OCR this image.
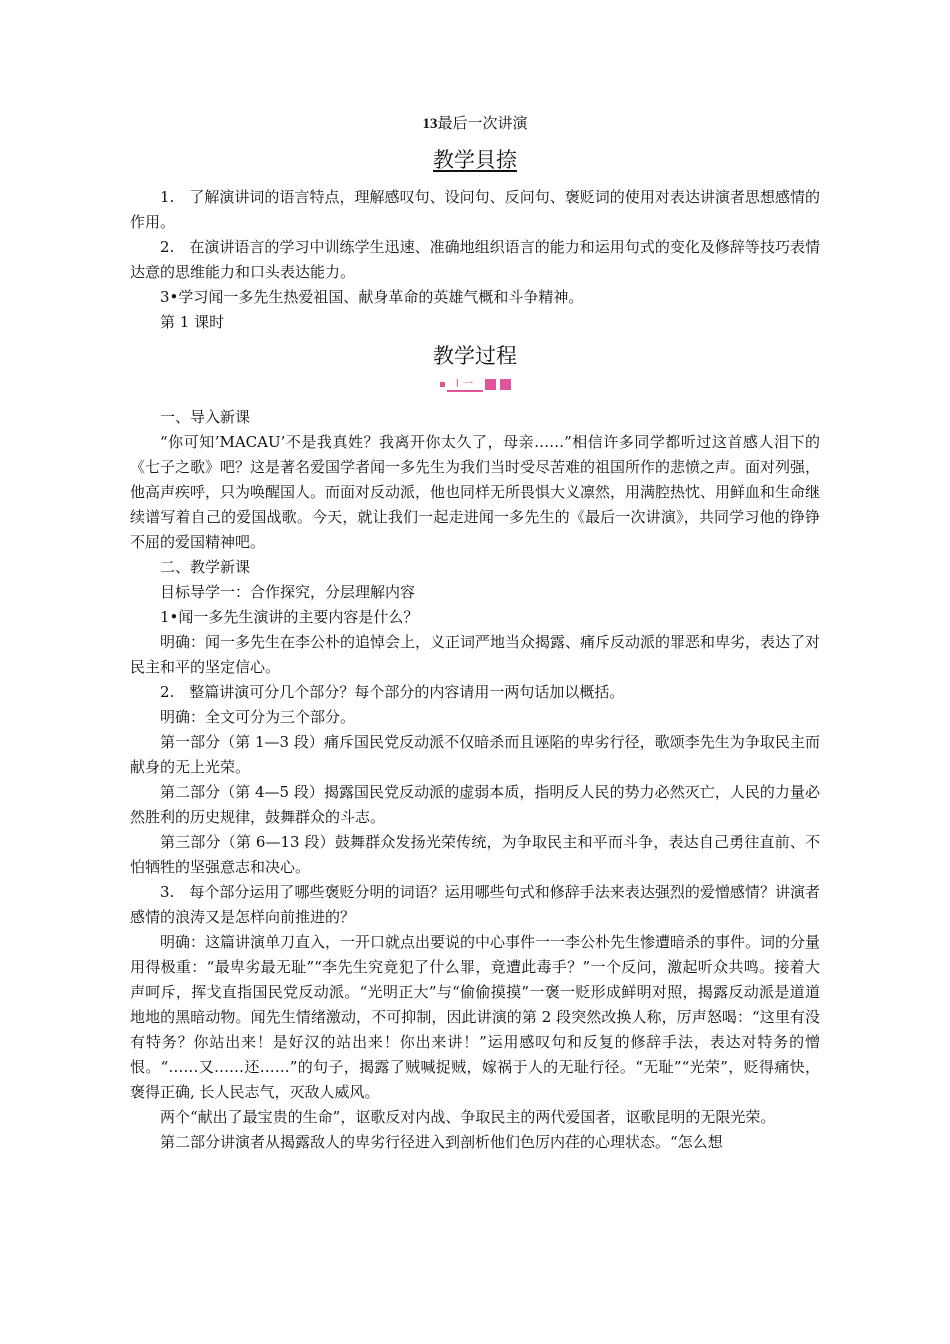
13最后一次讲演

教学貝捺

1.　了解演讲词的语言特点，理解感叹句、设问句、反问句、褒贬词的使用对表达讲演者思想感情的作用。

2.　在演讲语言的学习中训练学生迅速、准确地组织语言的能力和运用句式的变化及修辞等技巧表情达意的思维能力和口头表达能力。

3•学习闻一多先生热爱祖国、献身革命的英雄气概和斗争精神。

第 1 课时

教学过程
l 一

一、导入新课

“你可知’MACAU’不是我真姓？我离开你太久了，母亲……”相信许多同学都听过这首感人泪下的《七子之歌》吧？这是著名爱国学者闻一多先生为我们当时受尽苦难的祖国所作的悲愤之声。面对列强，他高声疾呼，只为唤醒国人。而面对反动派，他也同样无所畏惧大义凛然，用满腔热忱、用鲜血和生命继续谱写着自己的爱国战歌。今天，就让我们一起走进闻一多先生的《最后一次讲演》，共同学习他的铮铮不屈的爱国精神吧。

二、教学新课

目标导学一：合作探究，分层理解内容

1•闻一多先生演讲的主要内容是什么？

明确：闻一多先生在李公朴的追悼会上，义正词严地当众揭露、痛斥反动派的罪恶和卑劣，表达了对民主和平的坚定信心。

2.　整篇讲演可分几个部分？每个部分的内容请用一两句话加以概括。

明确：全文可分为三个部分。

第一部分（第 1—3 段）痛斥国民党反动派不仅暗杀而且诬陷的卑劣行径，歌颂李先生为争取民主而献身的无上光荣。

第二部分（第 4—5 段）揭露国民党反动派的虚弱本质，指明反人民的势力必然灭亡，人民的力量必然胜利的历史规律，鼓舞群众的斗志。

第三部分（第 6—13 段）鼓舞群众发扬光荣传统，为争取民主和平而斗争，表达自己勇往直前、不怕牺牲的坚强意志和决心。

3.　每个部分运用了哪些褒贬分明的词语？运用哪些句式和修辞手法来表达强烈的爱憎感情？讲演者感情的浪涛又是怎样向前推进的？

明确：这篇讲演单刀直入，一开口就点出要说的中心事件一一李公朴先生惨遭暗杀的事件。词的分量用得极重：“最卑劣最无耻”“李先生究竟犯了什么罪，竟遭此毒手？”一个反问，激起听众共鸣。接着大声呵斥，挥戈直指国民党反动派。“光明正大”与“偷偷摸摸”一褒一贬形成鲜明对照，揭露反动派是道道地地的黑暗动物。闻先生情绪激动，不可抑制，因此讲演的第 2 段突然改换人称，厉声怒喝：“这里有没有特务？你站出来！是好汉的站出来！你出来讲！”运用感叹句和反复的修辞手法，表达对特务的憎恨。“……又……还……”的句子，揭露了贼喊捉贼，嫁祸于人的无耻行径。“无耻”“光荣”，贬得痛快，褒得正确, 长人民志气，灭敌人威风。

两个“献出了最宝贵的生命”，讴歌反对内战、争取民主的两代爱国者，讴歌昆明的无限光荣。

第二部分讲演者从揭露敌人的卑劣行径进入到剖析他们色厉内荏的心理状态。“怎么想
